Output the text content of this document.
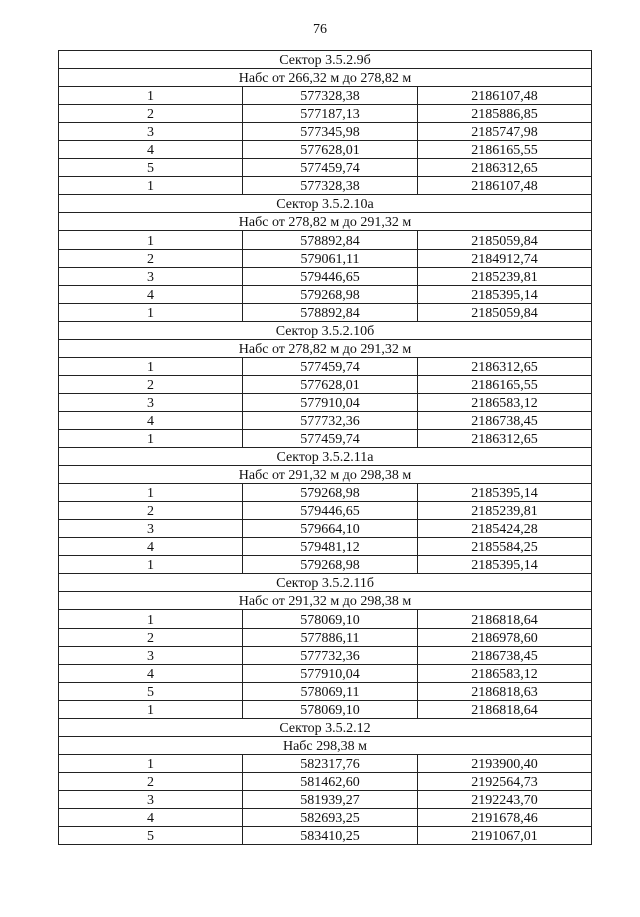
76
Сектор 3.5.2.9б		
Набс от 266,32 м до 278,82 м		
1	577328,38	2186107,48
2	577187,13	2185886,85
3	577345,98	2185747,98
4	577628,01	2186165,55
5	577459,74	2186312,65
1	577328,38	2186107,48
Сектор 3.5.2.10а		
Набс от 278,82 м до 291,32 м		
1	578892,84	2185059,84
2	579061,11	2184912,74
3	579446,65	2185239,81
4	579268,98	2185395,14
1	578892,84	2185059,84
Сектор 3.5.2.10б		
Набс от 278,82 м до 291,32 м		
1	577459,74	2186312,65
2	577628,01	2186165,55
3	577910,04	2186583,12
4	577732,36	2186738,45
1	577459,74	2186312,65
Сектор 3.5.2.11а		
Набс от 291,32 м до 298,38 м		
1	579268,98	2185395,14
2	579446,65	2185239,81
3	579664,10	2185424,28
4	579481,12	2185584,25
1	579268,98	2185395,14
Сектор 3.5.2.11б		
Набс от 291,32 м до 298,38 м		
1	578069,10	2186818,64
2	577886,11	2186978,60
3	577732,36	2186738,45
4	577910,04	2186583,12
5	578069,11	2186818,63
1	578069,10	2186818,64
Сектор 3.5.2.12		
Набс 298,38 м		
1	582317,76	2193900,40
2	581462,60	2192564,73
3	581939,27	2192243,70
4	582693,25	2191678,46
5	583410,25	2191067,01
